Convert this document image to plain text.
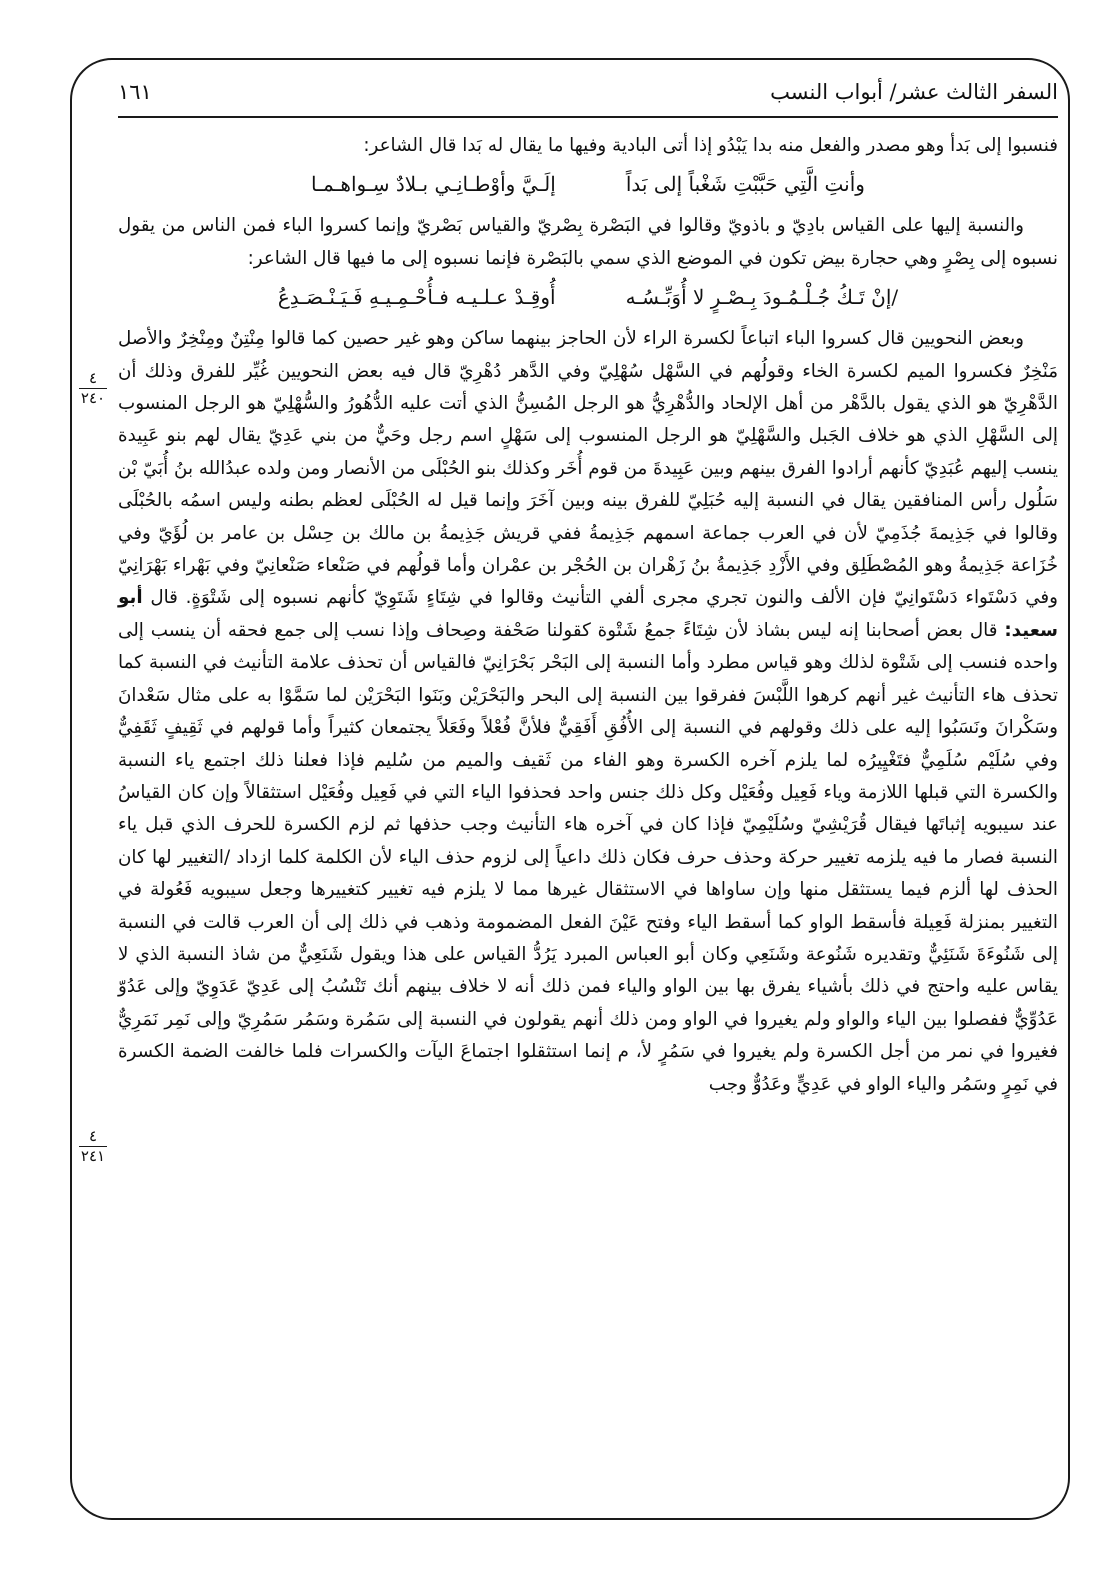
السفر الثالث عشر/ أبواب النسب
١٦١
٤
٢٤٠
٤
٢٤١

فنسبوا إلى بَدأ وهو مصدر والفعل منه بدا يَبْدُو إذا أتى البادية وفيها ما يقال له بَدا قال الشاعر:

وأنتِ الَّتِي حَبَّبْتِ شَغْباً إلى بَداً
إلَـيَّ وأوْطـانِـي بـلادٌ سِـواهـمـا

والنسبة إليها على القياس بادِيّ و باذويّ وقالوا في البَصْرة بِصْريّ والقياس بَصْريّ وإنما كسروا الباء فمن الناس من يقول نسبوه إلى بِصْرٍ وهي حجارة بيض تكون في الموضع الذي سمي بالبَصْرة فإنما نسبوه إلى ما فيها قال الشاعر:

/إنْ تَـكُ جُـلْـمُـودَ بِـصْـرٍ لا أُوَبِّـسُـه
أُوقِـدْ عـلـيـه فـأُحْـمِـيـهِ فَـيَـنْـصَـدِعُ

وبعض النحويين قال كسروا الباء اتباعاً لكسرة الراء لأن الحاجز بينهما ساكن وهو غير حصين كما قالوا مِنْتِنٌ ومِنْخِرٌ والأصل مَنْخِرٌ فكسروا الميم لكسرة الخاء وقولُهم في السَّهْل سُهْلِيّ وفي الدَّهر دُهْرِيّ قال فيه بعض النحويين غُيِّر للفرق وذلك أن الدَّهْرِيّ هو الذي يقول بالدَّهْر من أهل الإلحاد والدُّهْرِيُّ هو الرجل المُسِنُّ الذي أتت عليه الدُّهُورُ والسُّهْلِيّ هو الرجل المنسوب إلى السَّهْلِ الذي هو خلاف الجَبل والسَّهْلِيّ هو الرجل المنسوب إلى سَهْلٍ اسم رجل وحَيٌّ من بني عَدِيّ يقال لهم بنو عَبِيدة ينسب إليهم عُبَدِيّ كأنهم أرادوا الفرق بينهم وبين عَبِيدةَ من قوم أُخَر وكذلك بنو الحُبْلَى من الأنصار ومن ولده عبدُالله بنُ أُبَيّ بْن سَلُول رأس المنافقين يقال في النسبة إليه حُبَلِيّ للفرق بينه وبين آخَرَ وإنما قيل له الحُبْلَى لعظم بطنه وليس اسمُه بالحُبْلَى وقالوا في جَذِيمةَ جُذَمِيّ لأن في العرب جماعة اسمهم جَذِيمةُ ففي قريش جَذِيمةُ بن مالك بن حِسْل بن عامر بن لُؤَيّ وفي خُزَاعة جَذِيمةُ وهو المُصْطَلِق وفي الأَزْدِ جَذِيمةُ بنُ زَهْران بن الحُجْر بن عمْران وأما قولُهم في صَنْعاء صَنْعانِيّ وفي بَهْراء بَهْرَانِيّ وفي دَسْتَواء دَسْتَوانِيّ فإن الألف والنون تجري مجرى ألفي التأنيث وقالوا في شِتَاءٍ شَتَوِيّ كأنهم نسبوه إلى شَتْوَةٍ. قال أبو سعيد: قال بعض أصحابنا إنه ليس بشاذ لأن شِتَاءً جمعُ شَتْوة كقولنا صَحْفة وصِحاف وإذا نسب إلى جمع فحقه أن ينسب إلى واحده فنسب إلى شَتْوة لذلك وهو قياس مطرد وأما النسبة إلى البَحْر بَحْرَانِيّ فالقياس أن تحذف علامة التأنيث في النسبة كما تحذف هاء التأنيث غير أنهم كرهوا اللَّبْسَ ففرقوا بين النسبة إلى البحر والبَحْرَيْن وبَنَوا البَحْرَيْن لما سَمَّوْا به على مثال سَعْدانَ وسَكْرانَ ونَسَبُوا إليه على ذلك وقولهم في النسبة إلى الأُفُقِ أَفَقِيٌّ فلأنَّ فُعْلاً وفَعَلاً يجتمعان كثيراً وأما قولهم في ثَقِيفٍ ثَقَفِيٌّ وفي سُلَيْم سُلَمِيٌّ فتَغْيِيرُه لما يلزم آخره الكسرة وهو الفاء من ثَقيف والميم من سُليم فإذا فعلنا ذلك اجتمع ياء النسبة والكسرة التي قبلها اللازمة وياء فَعِيل وفُعَيْل وكل ذلك جنس واحد فحذفوا الياء التي في فَعِيل وفُعَيْل استثقالاً وإن كان القياسُ عند سيبويه إثباتَها فيقال قُرَيْشِيّ وسُلَيْمِيّ فإذا كان في آخره هاء التأنيث وجب حذفها ثم لزم الكسرة للحرف الذي قبل ياء النسبة فصار ما فيه يلزمه تغيير حركة وحذف حرف فكان ذلك داعياً إلى لزوم حذف الياء لأن الكلمة كلما ازداد /التغيير لها كان الحذف لها ألزم فيما يستثقل منها وإن ساواها في الاستثقال غيرها مما لا يلزم فيه تغيير كتغييرها وجعل سيبويه فَعُولة في التغيير بمنزلة فَعِيلة فأسقط الواو كما أسقط الياء وفتح عَيْنَ الفعل المضمومة وذهب في ذلك إلى أن العرب قالت في النسبة إلى شَنُوءَةَ شَنَئِيٌّ وتقديره شَنُوعة وشَنَعِي وكان أبو العباس المبرد يَرُدُّ القياس على هذا ويقول شَنَعِيٌّ من شاذ النسبة الذي لا يقاس عليه واحتج في ذلك بأشياء يفرق بها بين الواو والياء فمن ذلك أنه لا خلاف بينهم أنك تَنْسُبُ إلى عَدِيّ عَدَوِيّ وإلى عَدُوّ عَدُوِّيٌّ ففصلوا بين الياء والواو ولم يغيروا في الواو ومن ذلك أنهم يقولون في النسبة إلى سَمُرة وسَمُر سَمُرِيّ وإلى نَمِر نَمَرِيٌّ فغيروا في نمر من أجل الكسرة ولم يغيروا في سَمُرٍ لأ، م إنما استثقلوا اجتماعَ اليآت والكسرات فلما خالفت الضمة الكسرة في نَمِرٍ وسَمُر والياء الواو في عَدِيٍّ وعَدُوٌّ وجب
